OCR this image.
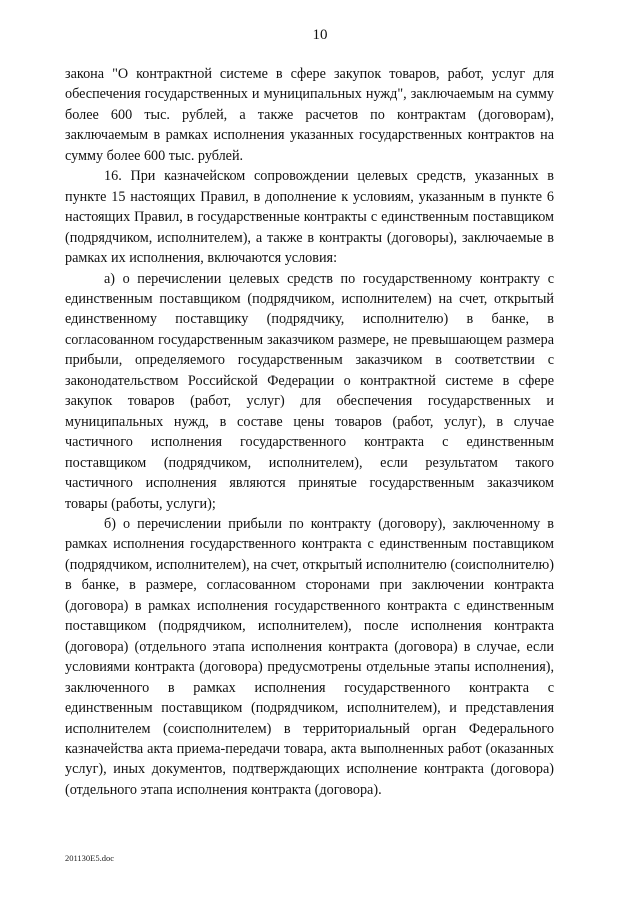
10

закона "О контрактной системе в сфере закупок товаров, работ, услуг для обеспечения государственных и муниципальных нужд", заключаемым на сумму более 600 тыс. рублей, а также расчетов по контрактам (договорам), заключаемым в рамках исполнения указанных государственных контрактов на сумму более 600 тыс. рублей.

16. При казначейском сопровождении целевых средств, указанных в пункте 15 настоящих Правил, в дополнение к условиям, указанным в пункте 6 настоящих Правил, в государственные контракты с единственным поставщиком (подрядчиком, исполнителем), а также в контракты (договоры), заключаемые в рамках их исполнения, включаются условия:

а) о перечислении целевых средств по государственному контракту с единственным поставщиком (подрядчиком, исполнителем) на счет, открытый единственному поставщику (подрядчику, исполнителю) в банке, в согласованном государственным заказчиком размере, не превышающем размера прибыли, определяемого государственным заказчиком в соответствии с законодательством Российской Федерации о контрактной системе в сфере закупок товаров (работ, услуг) для обеспечения государственных и муниципальных нужд, в составе цены товаров (работ, услуг), в случае частичного исполнения государственного контракта с единственным поставщиком (подрядчиком, исполнителем), если результатом такого частичного исполнения являются принятые государственным заказчиком товары (работы, услуги);

б) о перечислении прибыли по контракту (договору), заключенному в рамках исполнения государственного контракта с единственным поставщиком (подрядчиком, исполнителем), на счет, открытый исполнителю (соисполнителю) в банке, в размере, согласованном сторонами при заключении контракта (договора) в рамках исполнения государственного контракта с единственным поставщиком (подрядчиком, исполнителем), после исполнения контракта (договора) (отдельного этапа исполнения контракта (договора) в случае, если условиями контракта (договора) предусмотрены отдельные этапы исполнения), заключенного в рамках исполнения государственного контракта с единственным поставщиком (подрядчиком, исполнителем), и представления исполнителем (соисполнителем) в территориальный орган Федерального казначейства акта приема-передачи товара, акта выполненных работ (оказанных услуг), иных документов, подтверждающих исполнение контракта (договора) (отдельного этапа исполнения контракта (договора).

201130E5.doc
